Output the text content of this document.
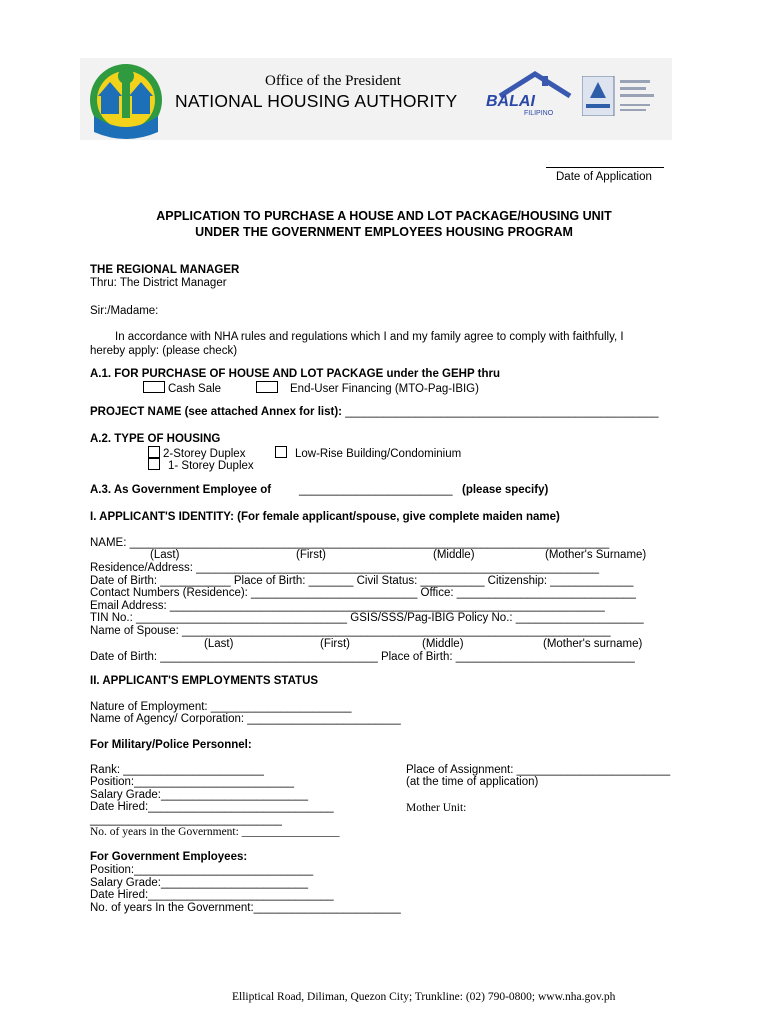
Office of the President
NATIONAL HOUSING AUTHORITY BALAI
FILIPINO
Date of Application
APPLICATION TO PURCHASE A HOUSE AND LOT PACKAGE/HOUSING UNIT
UNDER THE GOVERNMENT EMPLOYEES HOUSING PROGRAM
THE REGIONAL MANAGER
Thru: The District Manager
Sir:/Madame:
In accordance with NHA rules and regulations which I and my family agree to comply with faithfully, I
hereby apply: (please check)
A.1. FOR PURCHASE OF HOUSE AND LOT PACKAGE under the GEHP thru
Cash Sale	End-User Financing (MTO-Pag-IBIG)
PROJECT NAME (see attached Annex for list): _________________________________________________
A.2. TYPE OF HOUSING
2-Storey Duplex	Low-Rise Building/Condominium
1- Storey Duplex
A.3. As Government Employee of ________________________ (please specify)
I. APPLICANT'S IDENTITY: (For female applicant/spouse, give complete maiden name)
NAME: ___________________________________________________________________________
(Last)	(First)	(Middle)	(Mother's Surname)
Residence/Address: _______________________________________________________________
Date of Birth: ___________ Place of Birth: _______ Civil Status: __________ Citizenship: _____________
Contact Numbers (Residence): __________________________ Office: ____________________________
Email Address: ____________________________________________________________________
TIN No.: _________________________________ GSIS/SSS/Pag-IBIG Policy No.: ____________________
Name of Spouse: ___________________________________________________________________
(Last)	(First)	(Middle)	(Mother's surname)
Date of Birth: __________________________________ Place of Birth: ____________________________
II. APPLICANT'S EMPLOYMENTS STATUS
Nature of Employment: ______________________
Name of Agency/ Corporation: ________________________
For Military/Police Personnel:
Rank: ______________________
Position:_________________________
Salary Grade:_______________________
Date Hired:_____________________________
______________________________
No. of years in the Government: _________________
Place of Assignment: ________________________
(at the time of application)
Mother Unit:
For Government Employees:
Position:____________________________
Salary Grade:_______________________
Date Hired:_____________________________
No. of years In the Government:_______________________
Elliptical Road, Diliman, Quezon City; Trunkline: (02) 790-0800; www.nha.gov.ph
